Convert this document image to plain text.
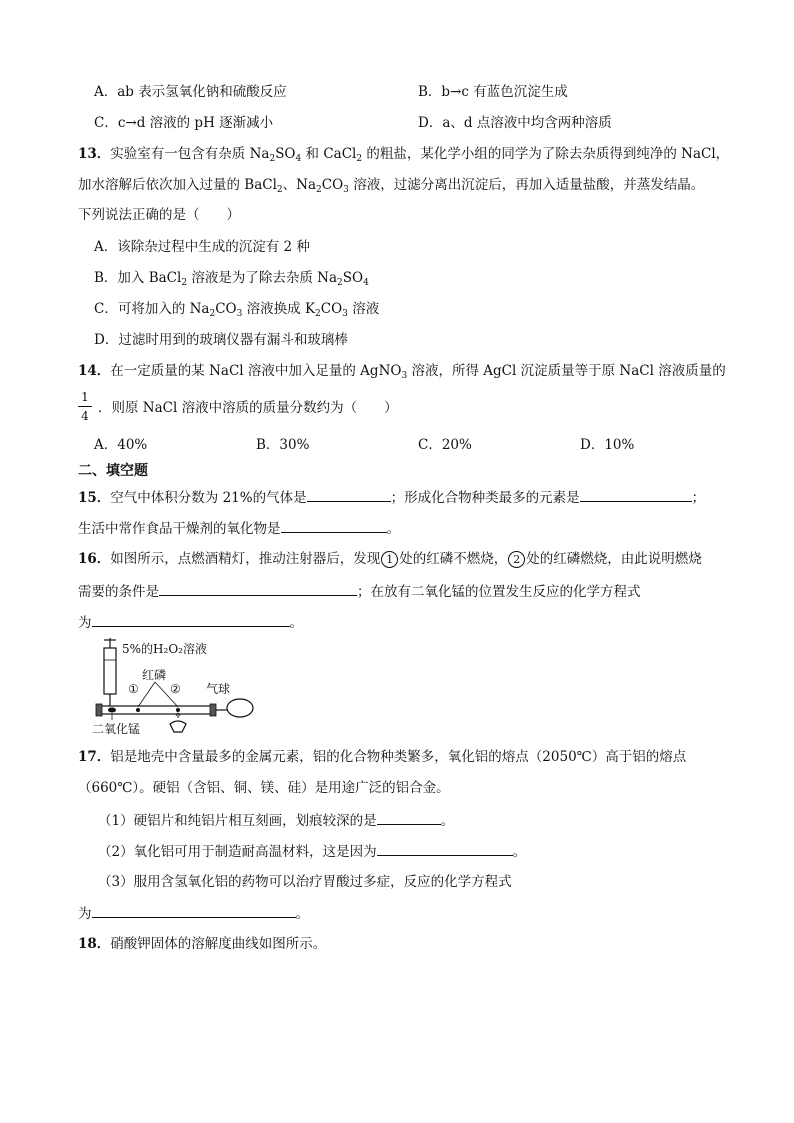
A．ab 表示氢氧化钠和硫酸反应	B．b→c 有蓝色沉淀生成
C．c→d 溶液的 pH 逐渐减小	D．a、d 点溶液中均含两种溶质
13．实验室有一包含有杂质 $Na_2SO_4$ 和 CaCl$_2$ 的粗盐，某化学小组的同学为了除去杂质得到纯净的 NaCl，
加水溶解后依次加入过量的 BaCl$_2$、$Na_2CO_3$ 溶液，过滤分离出沉淀后，再加入适量盐酸，并蒸发结晶。
下列说法正确的是（　　）
A．该除杂过程中生成的沉淀有 2 种
B．加入 BaCl$_2$ 溶液是为了除去杂质 $Na_2SO_4$
C．可将加入的 $Na_2CO_3$ 溶液换成 $K_2CO_3$ 溶液
D．过滤时用到的玻璃仪器有漏斗和玻璃棒
14．在一定质量的某 NaCl 溶液中加入足量的 AgNO$_3$ 溶液，所得 AgCl 沉淀质量等于原 NaCl 溶液质量的
1
4 ．则原 NaCl 溶液中溶质的质量分数约为（　　）
A．40%	B．30%	C．20%	D．10%
二、填空题
15．空气中体积分数为 21%的气体是	；形成化合物种类最多的元素是	；
生活中常作食品干燥剂的氧化物是	。
16．如图所示，点燃酒精灯，推动注射器后，发现 1 处的红磷不燃烧， 2 处的红磷燃烧，由此说明燃烧
需要的条件是	；在放有二氧化锰的位置发生反应的化学方程式
为	。
5%的H₂O₂溶液
红磷
①	② 气球
二氧化锰
17．铝是地壳中含量最多的金属元素，铝的化合物种类繁多，氧化铝的熔点（2050℃）高于铝的熔点
（660℃）。硬铝（含铝、铜、镁、硅）是用途广泛的铝合金。
（1）硬铝片和纯铝片相互刻画，划痕较深的是	。
（2）氧化铝可用于制造耐高温材料，这是因为	。
（3）服用含氢氧化铝的药物可以治疗胃酸过多症，反应的化学方程式
为	。
18．硝酸钾固体的溶解度曲线如图所示。
